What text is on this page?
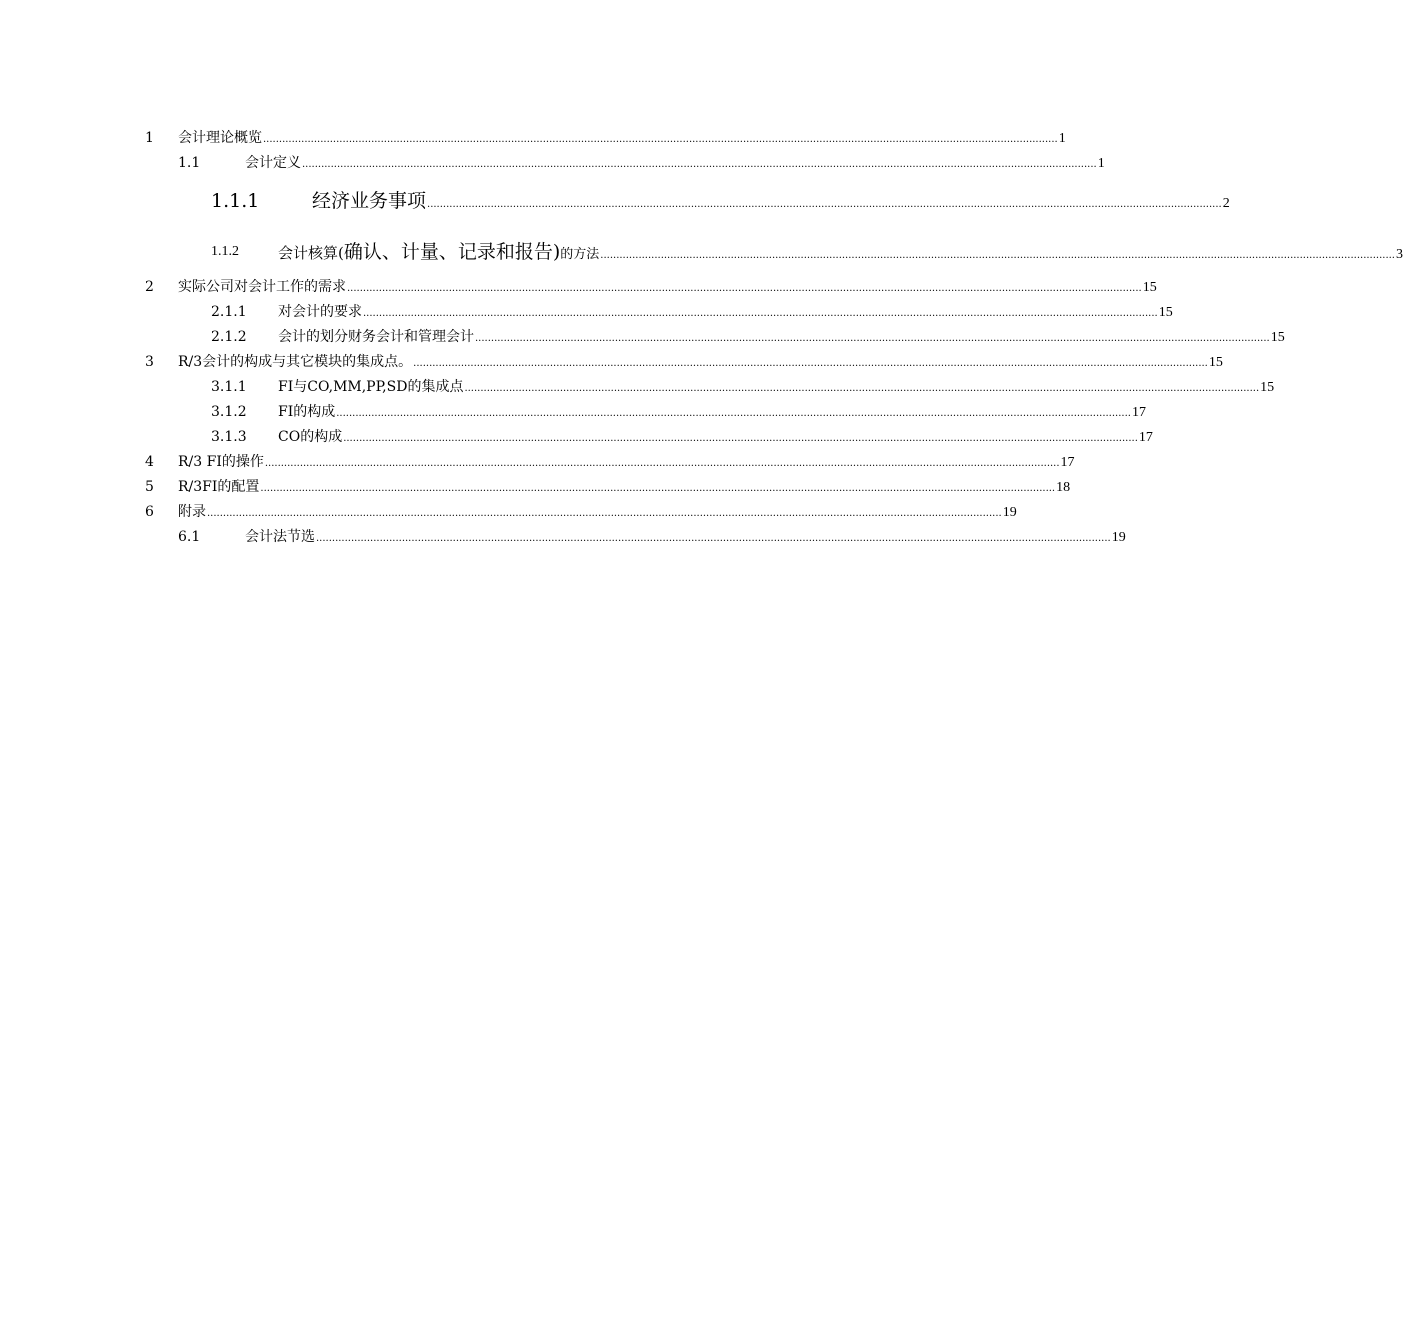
1 会计理论概览 .......................................................................................................................................................................................................................................................... 1
1.1	会计定义 .......................................................................................................................................................................................................................................................... 1
1.1.1	经济业务事项 .......................................................................................................................................................................................................................................................... 2
1.1.2	会计核算(确认、计量、记录和报告)的方法 .......................................................................................................................................................................................................................................................... 3
2 实际公司对会计工作的需求 .......................................................................................................................................................................................................................................................... 15
2.1.1 对会计的要求 .......................................................................................................................................................................................................................................................... 15
2.1.2 会计的划分财务会计和管理会计 .......................................................................................................................................................................................................................................................... 15
3 R/3会计的构成与其它模块的集成点。 .......................................................................................................................................................................................................................................................... 15
3.1.1 FI与CO,MM,PP,SD的集成点 .......................................................................................................................................................................................................................................................... 15
3.1.2 FI的构成 .......................................................................................................................................................................................................................................................... 17
3.1.3 CO的构成 .......................................................................................................................................................................................................................................................... 17
4 R/3 FI的操作 .......................................................................................................................................................................................................................................................... 17
5 R/3FI的配置 .......................................................................................................................................................................................................................................................... 18
6 附录 .......................................................................................................................................................................................................................................................... 19
6.1	会计法节选 .......................................................................................................................................................................................................................................................... 19
